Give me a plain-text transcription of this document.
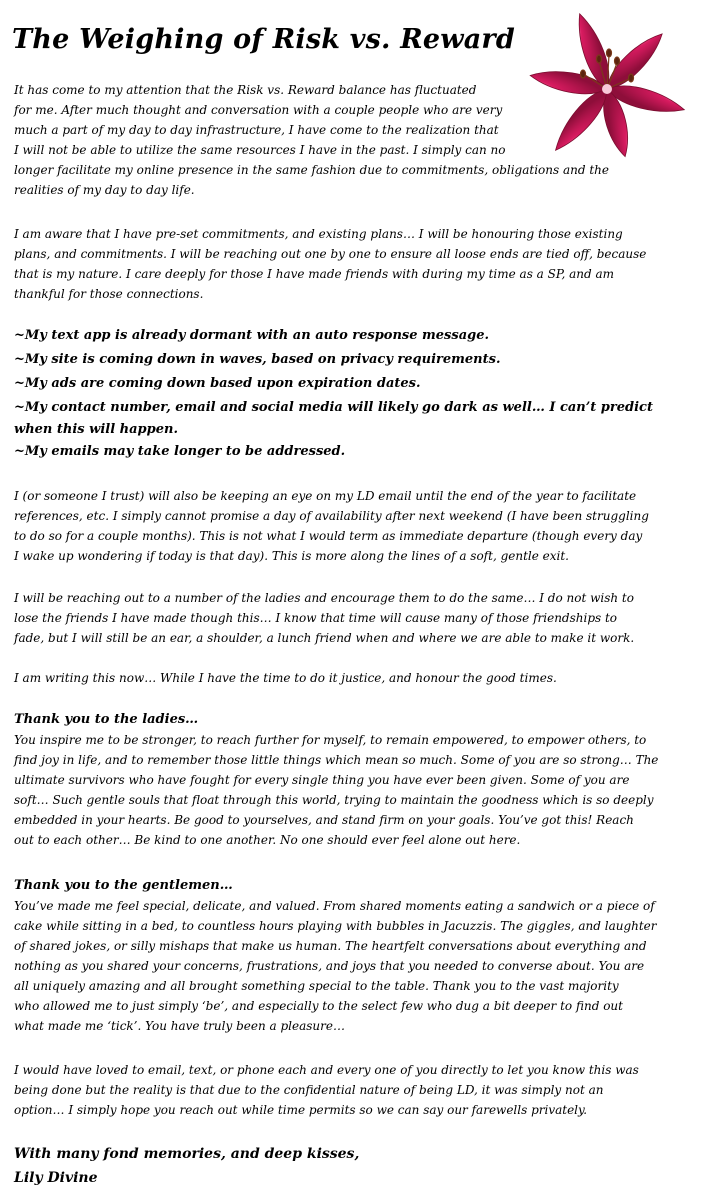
The Weighing of Risk vs. Reward

It has come to my attention that the Risk vs. Reward balance has fluctuated

for me. After much thought and conversation with a couple people who are very

much a part of my day to day infrastructure, I have come to the realization that

I will not be able to utilize the same resources I have in the past. I simply can no

longer facilitate my online presence in the same fashion due to commitments, obligations and the

realities of my day to day life.

I am aware that I have pre-set commitments, and existing plans… I will be honouring those existing

plans, and commitments. I will be reaching out one by one to ensure all loose ends are tied off, because

that is my nature. I care deeply for those I have made friends with during my time as a SP, and am

thankful for those connections.

~My text app is already dormant with an auto response message.

~My site is coming down in waves, based on privacy requirements.

~My ads are coming down based upon expiration dates.

~My contact number, email and social media will likely go dark as well… I can’t predict

when this will happen.

~My emails may take longer to be addressed.

I (or someone I trust) will also be keeping an eye on my LD email until the end of the year to facilitate

references, etc. I simply cannot promise a day of availability after next weekend (I have been struggling

to do so for a couple months). This is not what I would term as immediate departure (though every day

I wake up wondering if today is that day). This is more along the lines of a soft, gentle exit.

I will be reaching out to a number of the ladies and encourage them to do the same… I do not wish to

lose the friends I have made though this… I know that time will cause many of those friendships to

fade, but I will still be an ear, a shoulder, a lunch friend when and where we are able to make it work.

I am writing this now… While I have the time to do it justice, and honour the good times.

Thank you to the ladies…

You inspire me to be stronger, to reach further for myself, to remain empowered, to empower others, to

find joy in life, and to remember those little things which mean so much. Some of you are so strong… The

ultimate survivors who have fought for every single thing you have ever been given. Some of you are

soft… Such gentle souls that float through this world, trying to maintain the goodness which is so deeply

embedded in your hearts. Be good to yourselves, and stand firm on your goals. You’ve got this! Reach

out to each other… Be kind to one another. No one should ever feel alone out here.

Thank you to the gentlemen…

You’ve made me feel special, delicate, and valued. From shared moments eating a sandwich or a piece of

cake while sitting in a bed, to countless hours playing with bubbles in Jacuzzis. The giggles, and laughter

of shared jokes, or silly mishaps that make us human. The heartfelt conversations about everything and

nothing as you shared your concerns, frustrations, and joys that you needed to converse about. You are

all uniquely amazing and all brought something special to the table. Thank you to the vast majority

who allowed me to just simply ‘be’, and especially to the select few who dug a bit deeper to find out

what made me ‘tick’. You have truly been a pleasure…

I would have loved to email, text, or phone each and every one of you directly to let you know this was

being done but the reality is that due to the confidential nature of being LD, it was simply not an

option… I simply hope you reach out while time permits so we can say our farewells privately.

With many fond memories, and deep kisses,

Lily Divine
